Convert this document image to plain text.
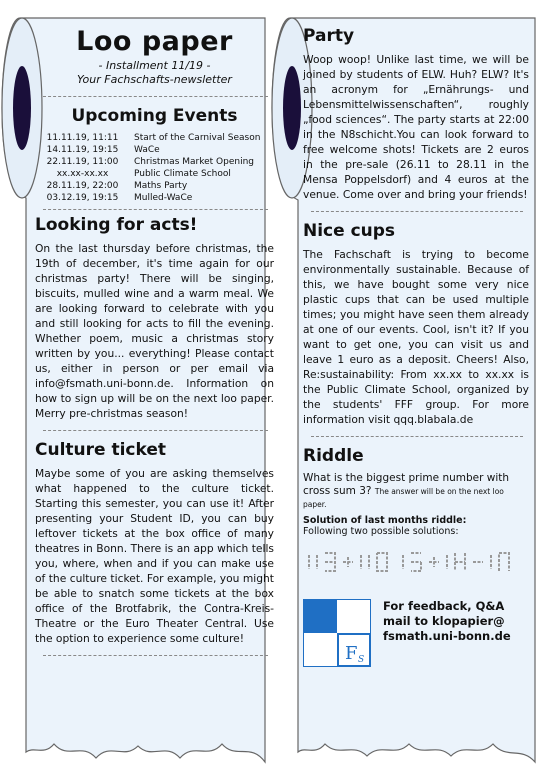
Loo paper
- Installment 11/19 -
Your Fachschafts-newsletter
Upcoming Events
11.11.19, 11:11	Start of the Carnival Season
14.11.19, 19:15	WaCe
22.11.19, 11:00	Christmas Market Opening
xx.xx-xx.xx	Public Climate School
28.11.19, 22:00	Maths Party
03.12.19, 19:15	Mulled-WaCe
Looking for acts!

On the last thursday before christmas, the 19th of december, it's time again for our christmas party! There will be singing, biscuits, mulled wine and a warm meal. We are looking forward to celebrate with you and still looking for acts to fill the evening. Whether poem, music a christmas story written by you... everything! Please contact us, either in person or per email via info@fsmath.uni-bonn.de. Information on how to sign up will be on the next loo paper. Merry pre-christmas season!

Culture ticket

Maybe some of you are asking themselves what happened to the culture ticket. Starting this semester, you can use it! After presenting your Student ID, you can buy leftover tickets at the box office of many theatres in Bonn. There is an app which tells you, where, when and if you can make use of the culture ticket. For example, you might be able to snatch some tickets at the box office of the Brotfabrik, the Contra-Kreis-Theatre or the Euro Theater Central. Use the option to experience some culture!

Party

Woop woop! Unlike last time, we will be joined by students of ELW. Huh? ELW? It's an acronym for „Ernährungs- und Lebensmittelwissenschaften“, roughly „food sciences“. The party starts at 22:00 in the N8schicht.You can look forward to free welcome shots! Tickets are 2 euros in the pre-sale (26.11 to 28.11 in the Mensa Poppelsdorf) and 4 euros at the venue. Come over and bring your friends!

Nice cups

The Fachschaft is trying to become environmentally sustainable. Because of this, we have bought some very nice plastic cups that can be used multiple times; you might have seen them already at one of our events. Cool, isn't it? If you want to get one, you can visit us and leave 1 euro as a deposit. Cheers! Also, Re:sustainability: From xx.xx to xx.xx is the Public Climate School, organized by the students' FFF group. For more information visit qqq.blabala.de

Riddle
What is the biggest prime number with cross sum 3? The answer will be on the next loo paper.
Solution of last months riddle:
Following two possible solutions:
F S
For feedback, Q&A
mail to klopapier@
fsmath.uni-bonn.de
